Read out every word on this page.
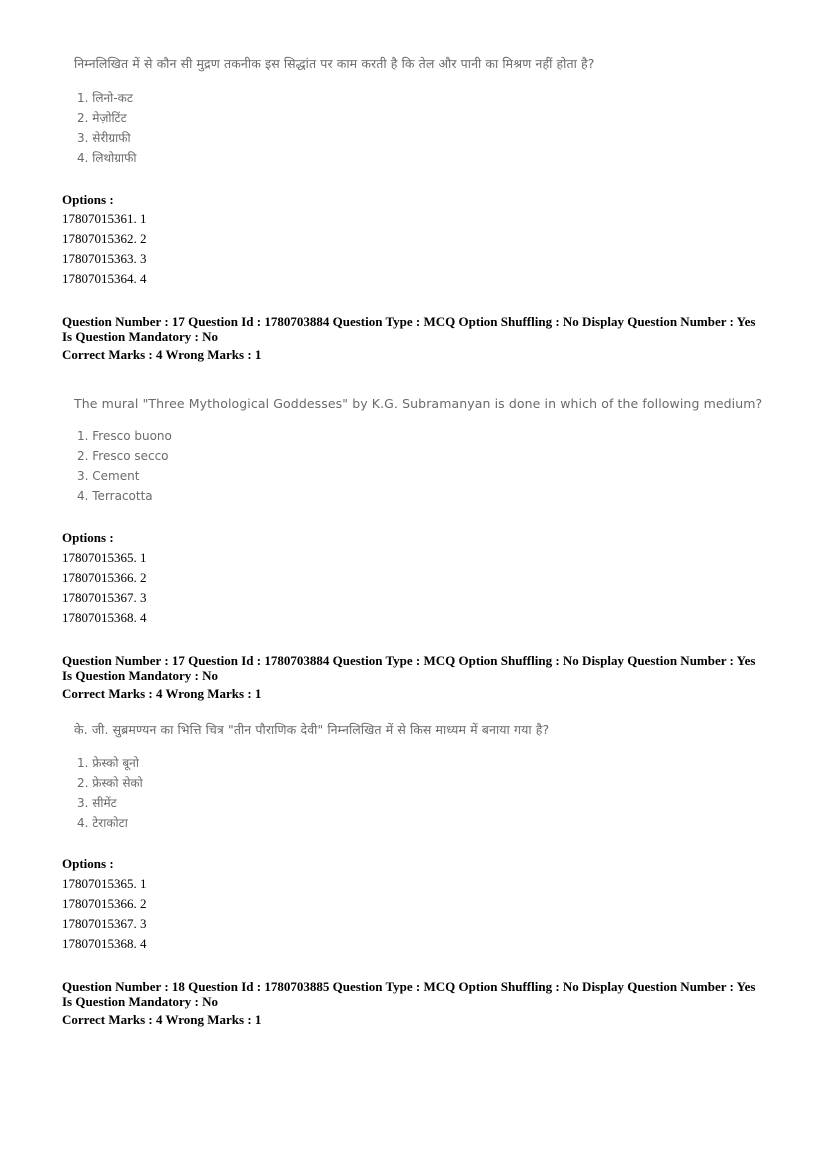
निम्नलिखित में से कौन सी मुद्रण तकनीक इस सिद्धांत पर काम करती है कि तेल और पानी का मिश्रण नहीं होता है?
1. लिनो-कट
2. मेज़ोटिंट
3. सेरीग्राफी
4. लिथोग्राफी
Options :
17807015361. 1
17807015362. 2
17807015363. 3
17807015364. 4
Question Number : 17 Question Id : 1780703884 Question Type : MCQ Option Shuffling : No Display Question Number : Yes
Is Question Mandatory : No
Correct Marks : 4 Wrong Marks : 1
The mural "Three Mythological Goddesses" by K.G. Subramanyan is done in which of the following medium?
1. Fresco buono
2. Fresco secco
3. Cement
4. Terracotta
Options :
17807015365. 1
17807015366. 2
17807015367. 3
17807015368. 4
Question Number : 17 Question Id : 1780703884 Question Type : MCQ Option Shuffling : No Display Question Number : Yes
Is Question Mandatory : No
Correct Marks : 4 Wrong Marks : 1
के. जी. सुब्रमण्यन का भित्ति चित्र "तीन पौराणिक देवी" निम्नलिखित में से किस माध्यम में बनाया गया है?
1. फ्रेस्को बूनो
2. फ्रेस्को सेको
3. सीमेंट
4. टेराकोटा
Options :
17807015365. 1
17807015366. 2
17807015367. 3
17807015368. 4
Question Number : 18 Question Id : 1780703885 Question Type : MCQ Option Shuffling : No Display Question Number : Yes
Is Question Mandatory : No
Correct Marks : 4 Wrong Marks : 1
